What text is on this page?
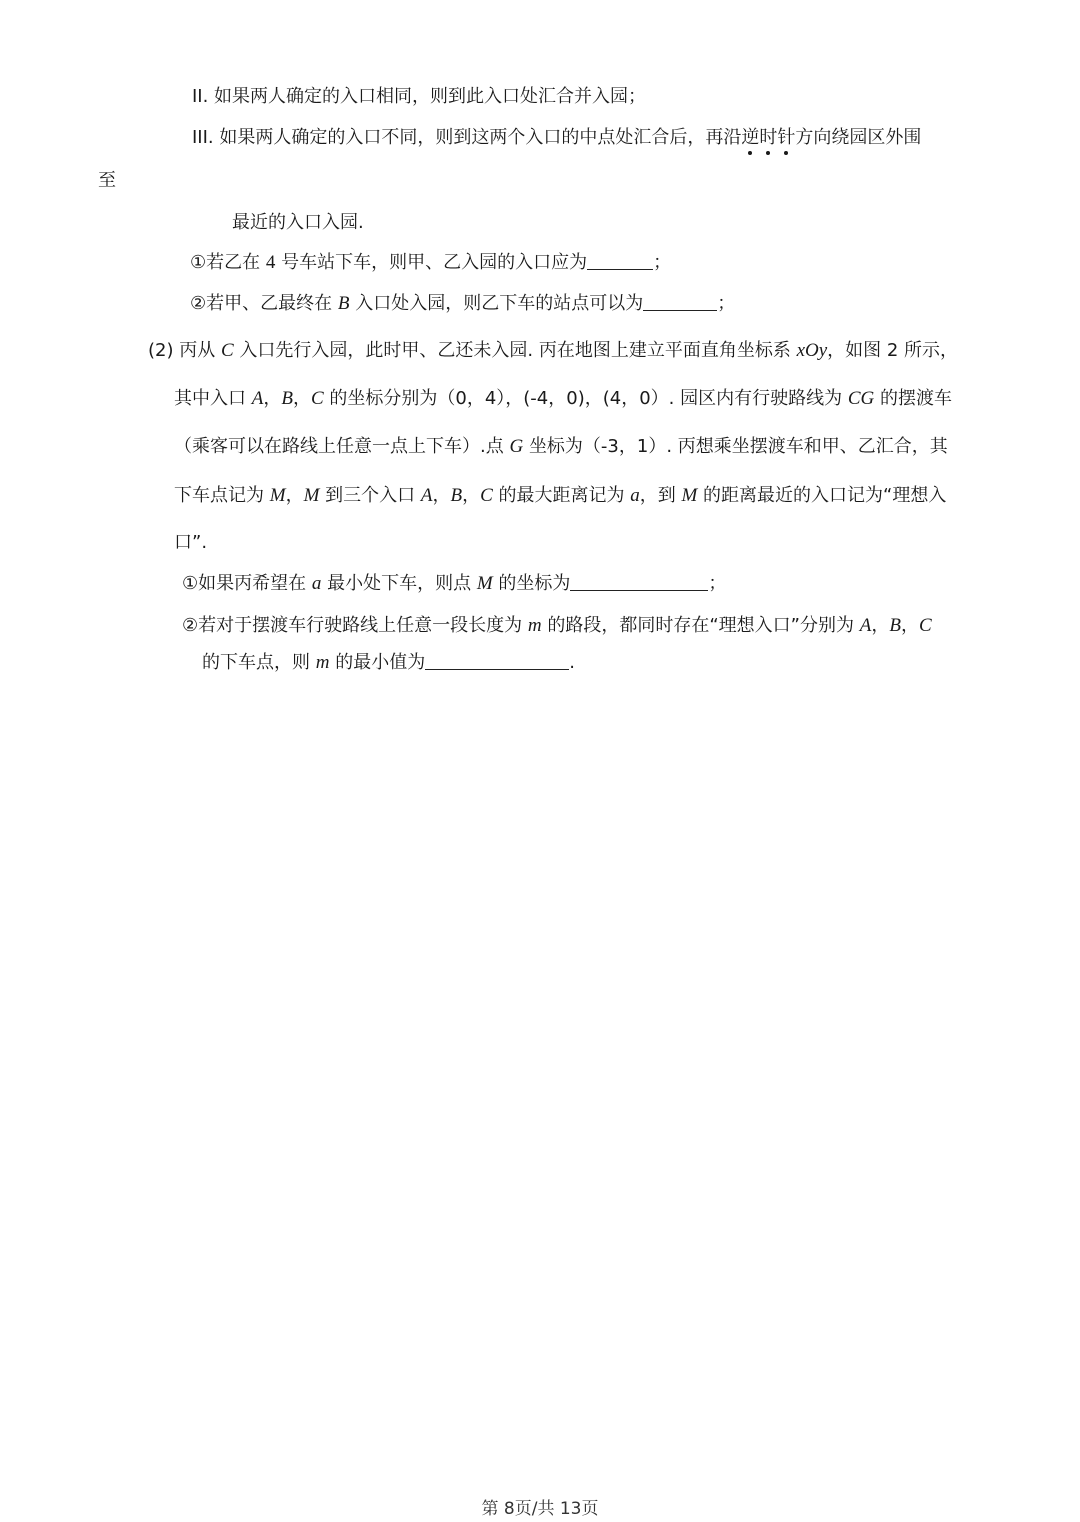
II. 如果两人确定的入口相同，则到此入口处汇合并入园；
III. 如果两人确定的入口不同，则到这两个入口的中点处汇合后，再沿逆时针方向绕园区外围
至
最近的入口入园.
①若乙在 4 号车站下车，则甲、乙入园的入口应为	；
②若甲、乙最终在 B 入口处入园，则乙下车的站点可以为	；
(2) 丙从 C 入口先行入园，此时甲、乙还未入园. 丙在地图上建立平面直角坐标系 xOy，如图 2 所示，
其中入口 A，B，C 的坐标分别为（0，4），(-4，0)，(4，0）. 园区内有行驶路线为 CG 的摆渡车
（乘客可以在路线上任意一点上下车）.点 G 坐标为（-3，1）. 丙想乘坐摆渡车和甲、乙汇合，其
下车点记为 M，M 到三个入口 A，B，C 的最大距离记为 a，到 M 的距离最近的入口记为“理想入
口”.
①如果丙希望在 a 最小处下车，则点 M 的坐标为	；
②若对于摆渡车行驶路线上任意一段长度为 m 的路段，都同时存在“理想入口”分别为 A，B，C
的下车点，则 m 的最小值为	.
第 8页/共 13页
